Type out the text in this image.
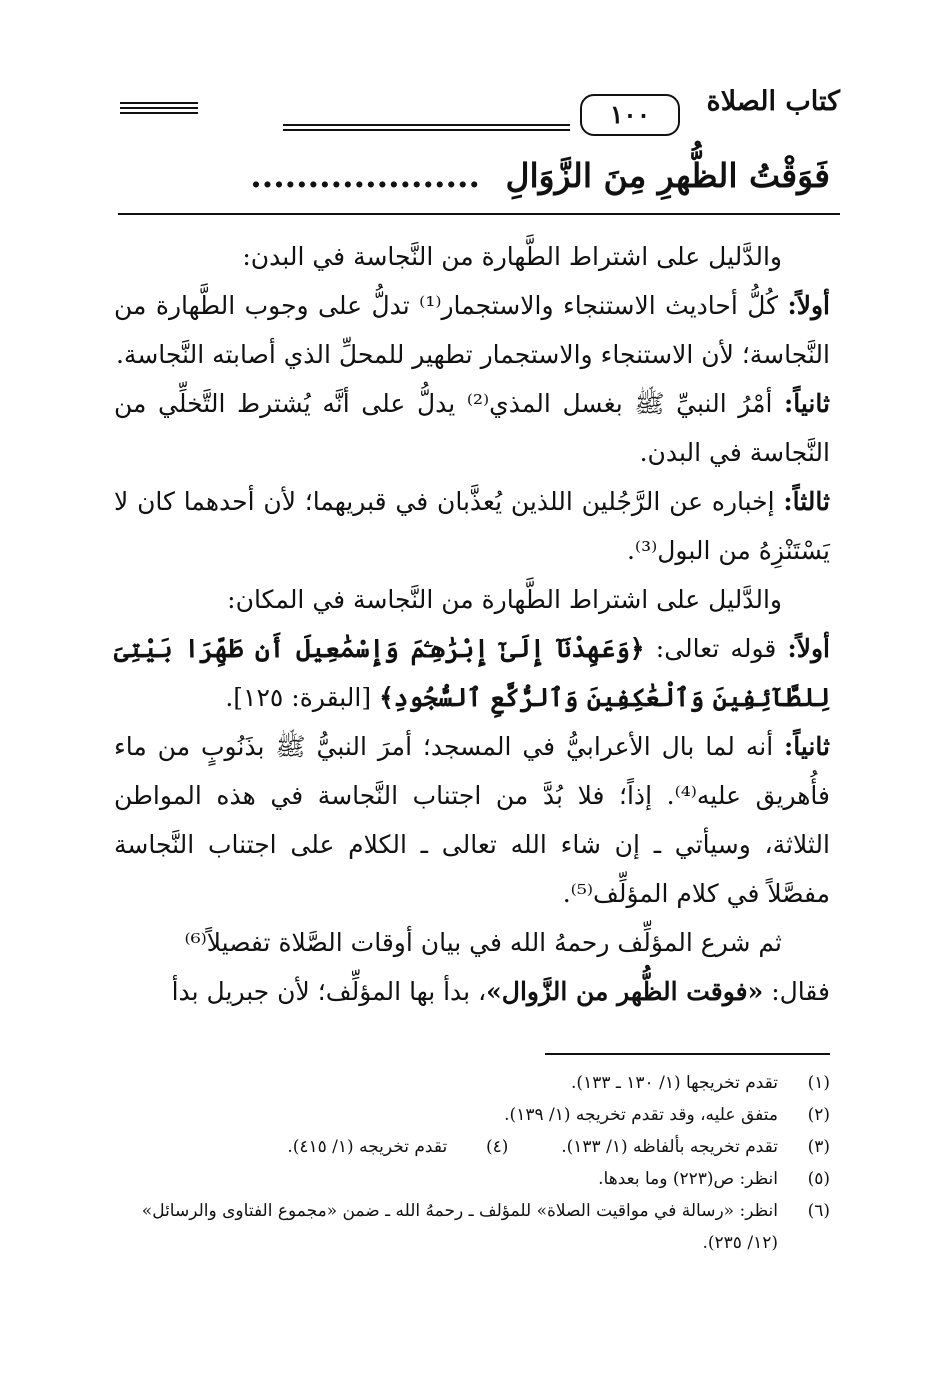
كتاب الصلاة
١٠٠
فَوَقْتُ الظُّهرِ مِنَ الزَّوَالِ ....................

والدَّليل على اشتراط الطَّهارة من النَّجاسة في البدن:

أولاً: كُلُّ أحاديث الاستنجاء والاستجمار⁽¹⁾ تدلُّ على وجوب الطَّهارة من النَّجاسة؛ لأن الاستنجاء والاستجمار تطهير للمحلِّ الذي أصابته النَّجاسة.

ثانياً: أمْرُ النبيِّ ﷺ بغسل المذي⁽²⁾ يدلُّ على أنَّه يُشترط التَّخلِّي من النَّجاسة في البدن.

ثالثاً: إخباره عن الرَّجُلين اللذين يُعذَّبان في قبريهما؛ لأن أحدهما كان لا يَسْتَنْزِهُ من البول⁽³⁾.

والدَّليل على اشتراط الطَّهارة من النَّجاسة في المكان:

أولاً: قوله تعالى: ﴿وَعَهِدْنَآ إِلَىٰٓ إِبْرَٰهِـۧمَ وَإِسْمَٰعِيلَ أَن طَهِّرَا بَيْتِىَ لِلطَّآئِفِينَ وَٱلْعَٰكِفِينَ وَٱلرُّكَّعِ ٱلسُّجُودِ﴾ [البقرة: ١٢٥].

ثانياً: أنه لما بال الأعرابيُّ في المسجد؛ أمرَ النبيُّ ﷺ بذَنُوبٍ من ماء فأُهريق عليه⁽⁴⁾. إذاً؛ فلا بُدَّ من اجتناب النَّجاسة في هذه المواطن الثلاثة، وسيأتي ـ إن شاء الله تعالى ـ الكلام على اجتناب النَّجاسة مفصَّلاً في كلام المؤلِّف⁽⁵⁾.

ثم شرع المؤلِّف رحمهُ الله في بيان أوقات الصَّلاة تفصيلاً⁽⁶⁾

فقال: «فوقت الظُّهر من الزَّوال»، بدأ بها المؤلِّف؛ لأن جبريل بدأ

(١)
تقدم تخريجها (١/ ١٣٠ ـ ١٣٣).
(٢)
متفق عليه، وقد تقدم تخريجه (١/ ١٣٩).
(٣)
تقدم تخريجه بألفاظه (١/ ١٣٣).  (٤)  تقدم تخريجه (١/ ٤١٥).
(٥)
انظر: ص(٢٢٣) وما بعدها.
(٦)
انظر: «رسالة في مواقيت الصلاة» للمؤلف ـ رحمهُ الله ـ ضمن «مجموع الفتاوى والرسائل» (١٢/ ٢٣٥).
